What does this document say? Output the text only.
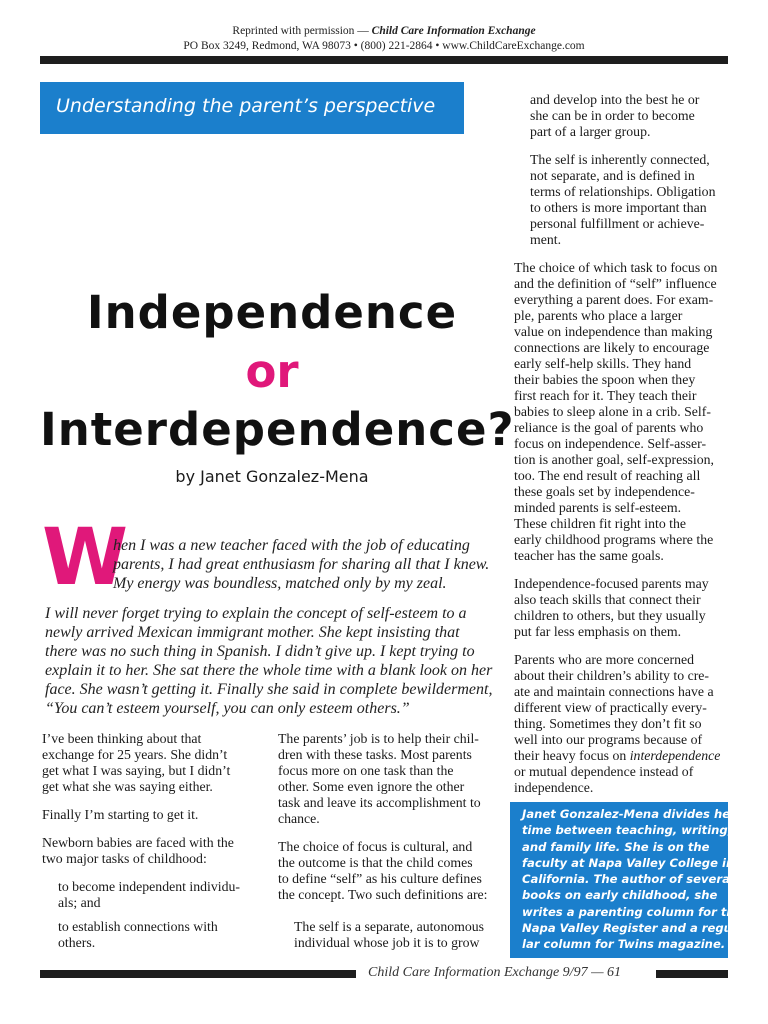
Reprinted with permission — Child Care Information Exchange
PO Box 3249, Redmond, WA 98073 • (800) 221-2864 • www.ChildCareExchange.com
Understanding the parent’s perspective
Independence
or
Interdependence?
by Janet Gonzalez-Mena
W
hen I was a new teacher faced with the job of educating
parents, I had great enthusiasm for sharing all that I knew.
My energy was boundless, matched only by my zeal.
I will never forget trying to explain the concept of self-esteem to a
newly arrived Mexican immigrant mother. She kept insisting that
there was no such thing in Spanish. I didn’t give up. I kept trying to
explain it to her. She sat there the whole time with a blank look on her
face. She wasn’t getting it. Finally she said in complete bewilderment,
“You can’t esteem yourself, you can only esteem others.”
I’ve been thinking about that
exchange for 25 years. She didn’t
get what I was saying, but I didn’t
get what she was saying either.
Finally I’m starting to get it.
Newborn babies are faced with the
two major tasks of childhood:
to become independent individu-
als; and
to establish connections with
others.
The parents’ job is to help their chil-
dren with these tasks. Most parents
focus more on one task than the
other. Some even ignore the other
task and leave its accomplishment to
chance.
The choice of focus is cultural, and
the outcome is that the child comes
to define “self” as his culture defines
the concept. Two such definitions are:
The self is a separate, autonomous
individual whose job it is to grow
and develop into the best he or
she can be in order to become
part of a larger group.
The self is inherently connected,
not separate, and is defined in
terms of relationships. Obligation
to others is more important than
personal fulfillment or achieve-
ment.
The choice of which task to focus on
and the definition of “self” influence
everything a parent does. For exam-
ple, parents who place a larger
value on independence than making
connections are likely to encourage
early self-help skills. They hand
their babies the spoon when they
first reach for it. They teach their
babies to sleep alone in a crib. Self-
reliance is the goal of parents who
focus on independence. Self-asser-
tion is another goal, self-expression,
too. The end result of reaching all
these goals set by independence-
minded parents is self-esteem.
These children fit right into the
early childhood programs where the
teacher has the same goals.
Independence-focused parents may
also teach skills that connect their
children to others, but they usually
put far less emphasis on them.
Parents who are more concerned
about their children’s ability to cre-
ate and maintain connections have a
different view of practically every-
thing. Sometimes they don’t fit so
well into our programs because of
their heavy focus on interdependence
or mutual dependence instead of
independence.
Janet Gonzalez-Mena divides her
time between teaching, writing,
and family life. She is on the
faculty at Napa Valley College in
California. The author of several
books on early childhood, she
writes a parenting column for the
Napa Valley Register and a regu-
lar column for Twins magazine.
Child Care Information Exchange 9/97 — 61
